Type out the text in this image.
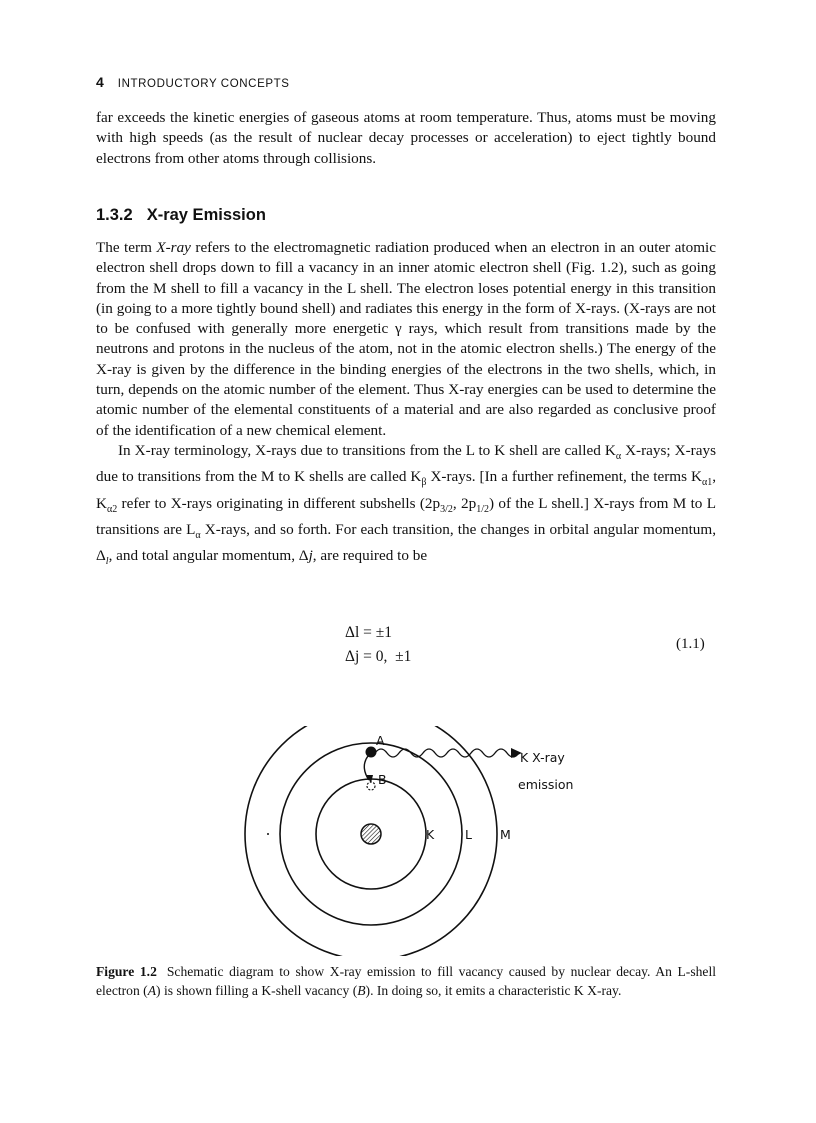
4 INTRODUCTORY CONCEPTS

far exceeds the kinetic energies of gaseous atoms at room temperature. Thus, atoms must be moving with high speeds (as the result of nuclear decay processes or acceleration) to eject tightly bound electrons from other atoms through collisions.

1.3.2 X-ray Emission

The term X-ray refers to the electromagnetic radiation produced when an electron in an outer atomic electron shell drops down to fill a vacancy in an inner atomic electron shell (Fig. 1.2), such as going from the M shell to fill a vacancy in the L shell. The electron loses potential energy in this transition (in going to a more tightly bound shell) and radiates this energy in the form of X-rays. (X-rays are not to be confused with generally more energetic γ rays, which result from transitions made by the neutrons and protons in the nucleus of the atom, not in the atomic electron shells.) The energy of the X-ray is given by the difference in the binding energies of the electrons in the two shells, which, in turn, depends on the atomic number of the element. Thus X-ray energies can be used to determine the atomic number of the elemental constituents of a material and are also regarded as conclusive proof of the identification of a new chemical element.

In X-ray terminology, X-rays due to transitions from the L to K shell are called $K_\alpha$ X-rays; X-rays due to transitions from the M to K shells are called $K_\beta$ X-rays. [In a further refinement, the terms $K_{\alpha 1}$, $K_{\alpha 2}$ refer to X-rays originating in different subshells ($2p_{3/2}$, $2p_{1/2}$) of the L shell.] X-rays from M to L transitions are $L_\alpha$ X-rays, and so forth. For each transition, the changes in orbital angular momentum, $\Delta_l$, and total angular momentum, Δj, are required to be

Δl = ±1
Δj = 0,  ±1
(1.1)
A
B
K L M
K X-ray
emission
Figure 1.2 Schematic diagram to show X-ray emission to fill vacancy caused by nuclear decay. An L-shell electron (A) is shown filling a K-shell vacancy (B). In doing so, it emits a characteristic K X-ray.
